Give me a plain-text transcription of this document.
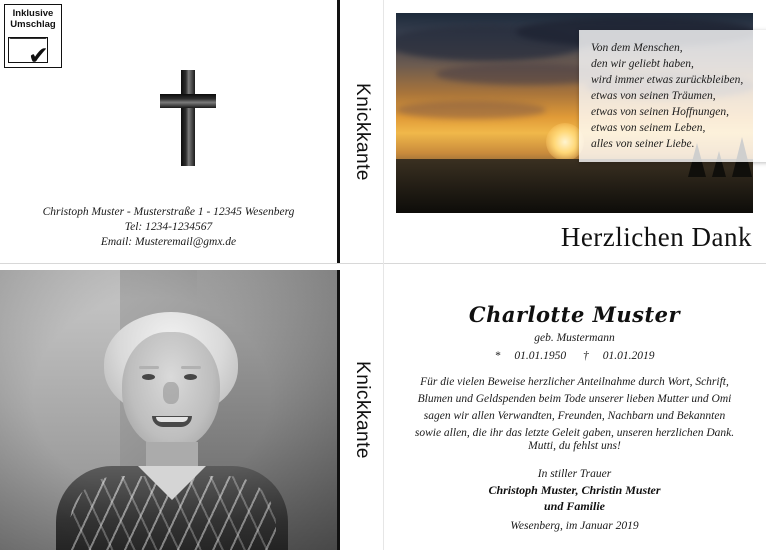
Inklusive
Umschlag
✔
Christoph Muster - Musterstraße 1 - 12345 Wesenberg
Tel: 1234-1234567
Email: Musteremail@gmx.de
Knickkante
Von dem Menschen,
den wir geliebt haben,
wird immer etwas zurückbleiben,
etwas von seinen Träumen,
etwas von seinen Hoffnungen,
etwas von seinem Leben,
alles von seiner Liebe.
Herzlichen Dank
Knickkante
Charlotte Muster
geb. Mustermann
* 01.01.1950 † 01.01.2019
Für die vielen Beweise herzlicher Anteilnahme durch Wort, Schrift,
Blumen und Geldspenden beim Tode unserer lieben Mutter und Omi
sagen wir allen Verwandten, Freunden, Nachbarn und Bekannten
sowie allen, die ihr das letzte Geleit gaben, unseren herzlichen Dank.
Mutti, du fehlst uns!
In stiller Trauer
Christoph Muster, Christin Muster
und Familie
Wesenberg, im Januar 2019
